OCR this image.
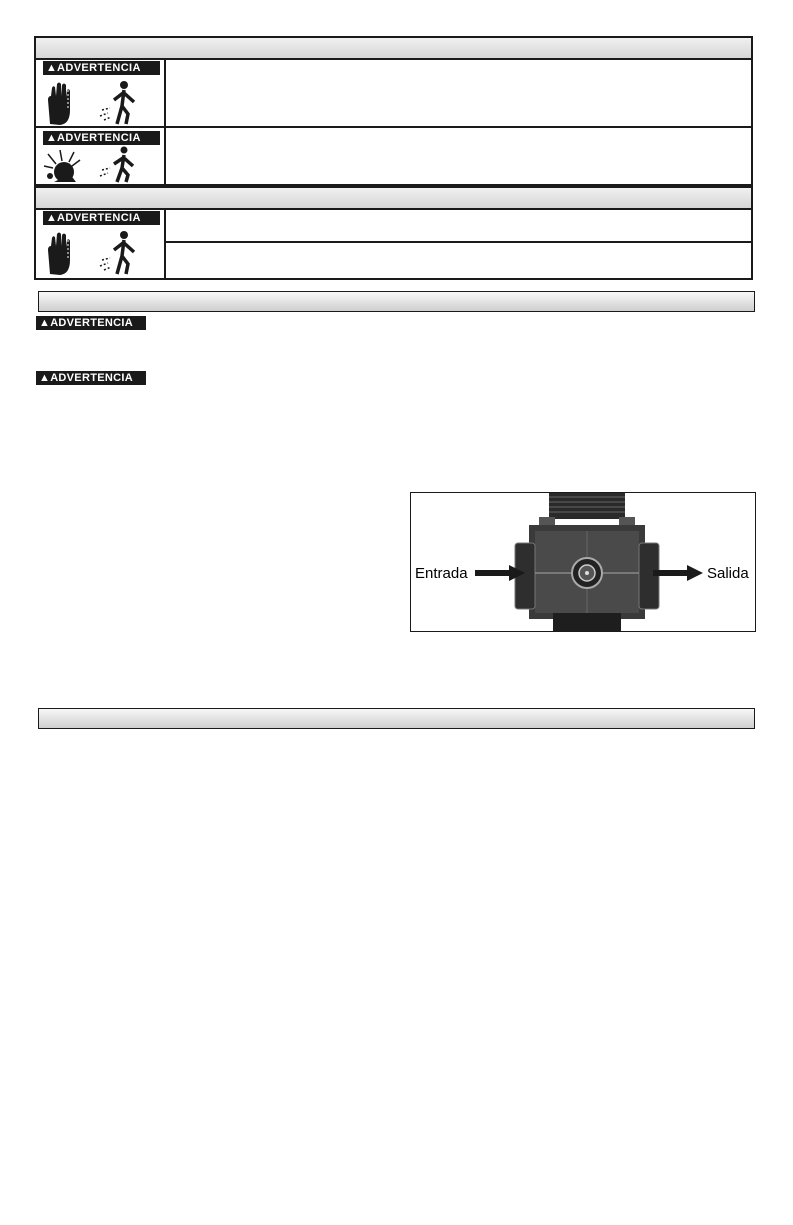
▲ADVERTENCIA
▲ADVERTENCIA
▲ADVERTENCIA
▲ADVERTENCIA
▲ADVERTENCIA
Entrada	Salida
